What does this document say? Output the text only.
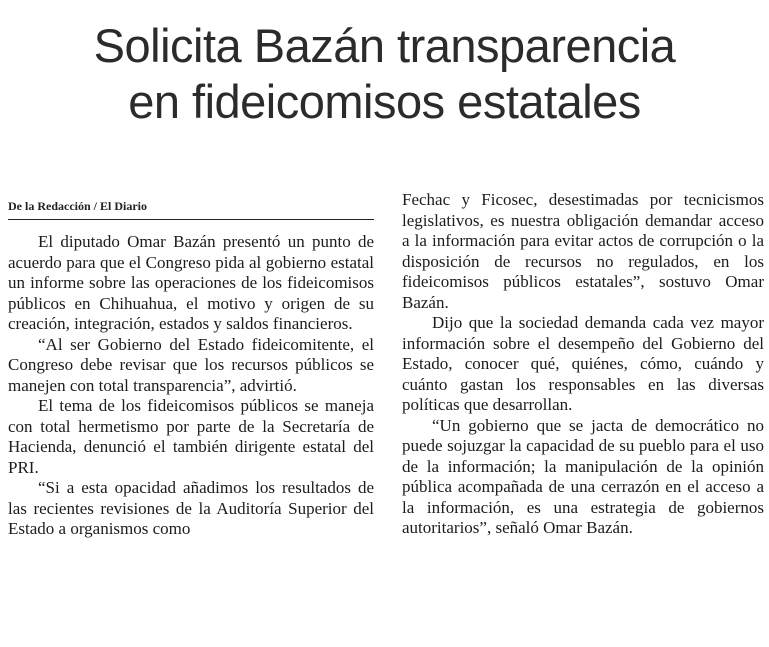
Solicita Bazán transparencia
en fideicomisos estatales
De la Redacción / El Diario

El diputado Omar Bazán presentó un punto de acuerdo para que el Congreso pida al gobierno estatal un informe sobre las operaciones de los fideicomisos públicos en Chihuahua, el motivo y origen de su creación, integración, estados y saldos financieros.

“Al ser Gobierno del Estado fideicomitente, el Congreso debe revisar que los recursos públicos se manejen con total transparencia”, advirtió.

El tema de los fideicomisos públicos se maneja con total hermetismo por parte de la Secretaría de Hacienda, denunció el también dirigente estatal del PRI.

“Si a esta opacidad añadimos los resultados de las recientes revisiones de la Auditoría Superior del Estado a organismos como

Fechac y Ficosec, desestimadas por tecnicismos legislativos, es nuestra obligación demandar acceso a la información para evitar actos de corrupción o la disposición de recursos no regulados, en los fideicomisos públicos estatales”, sostuvo Omar Bazán.

Dijo que la sociedad demanda cada vez mayor información sobre el desempeño del Gobierno del Estado, conocer qué, quiénes, cómo, cuándo y cuánto gastan los responsables en las diversas políticas que desarrollan.

“Un gobierno que se jacta de democrático no puede sojuzgar la capacidad de su pueblo para el uso de la información; la manipulación de la opinión pública acompañada de una cerrazón en el acceso a la información, es una estrategia de gobiernos autoritarios”, señaló Omar Bazán.
